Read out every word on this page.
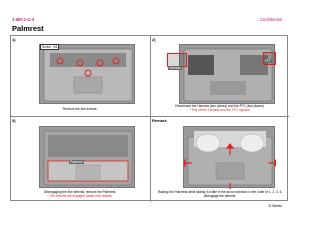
1-MD-1-C-3	Confidential
Palmrest
1)
Screw : B1
Remove the five screws.
2)
Harness
FFC
Disconnect the Harness (two places) and the FFC (two places).
* Pull off the Harness and the FFC upward.
3)
Palmrest
Disengaging the five detents, remove the Palmrest.
* The detents are engaged toward the outside.
Remark
Raising the Palmrest while sliding it a little in the arrow direction in the order of 1, 2, 3, 4, disengage the detents.
E-Series
